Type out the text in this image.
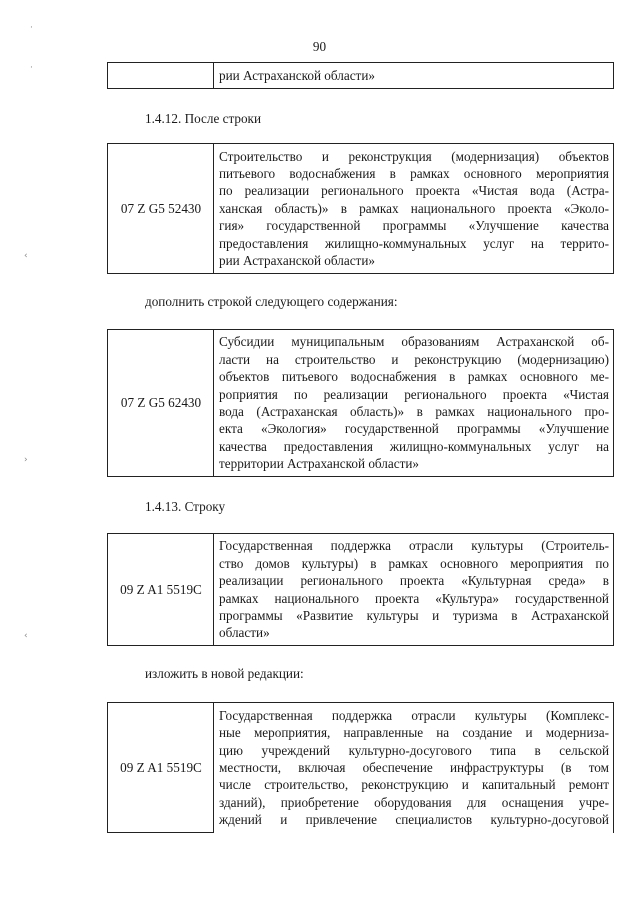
90
·
·
‹
›
‹

рии Астраханской области»
1.4.12. После строки
07 Z G5 52430	
Строительство и реконструкция (модернизация) объектов
питьевого водоснабжения в рамках основного мероприятия
по реализации регионального проекта «Чистая вода (Астра-
ханская область)» в рамках национального проекта «Эколо-
гия» государственной программы «Улучшение качества
предоставления жилищно-коммунальных услуг на террито-
рии Астраханской области»
дополнить строкой следующего содержания:
07 Z G5 62430	
Субсидии муниципальным образованиям Астраханской об-
ласти на строительство и реконструкцию (модернизацию)
объектов питьевого водоснабжения в рамках основного ме-
роприятия по реализации регионального проекта «Чистая
вода (Астраханская область)» в рамках национального про-
екта «Экология» государственной программы «Улучшение
качества предоставления жилищно-коммунальных услуг на
территории Астраханской области»
1.4.13. Строку
09 Z A1 5519С	
Государственная поддержка отрасли культуры (Строитель-
ство домов культуры) в рамках основного мероприятия по
реализации регионального проекта «Культурная среда» в
рамках национального проекта «Культура» государственной
программы «Развитие культуры и туризма в Астраханской
области»
изложить в новой редакции:
09 Z A1 5519С	
Государственная поддержка отрасли культуры (Комплекс-
ные мероприятия, направленные на создание и модерниза-
цию учреждений культурно-досугового типа в сельской
местности, включая обеспечение инфраструктуры (в том
числе строительство, реконструкцию и капитальный ремонт
зданий), приобретение оборудования для оснащения учре-
ждений и привлечение специалистов культурно-досуговой
